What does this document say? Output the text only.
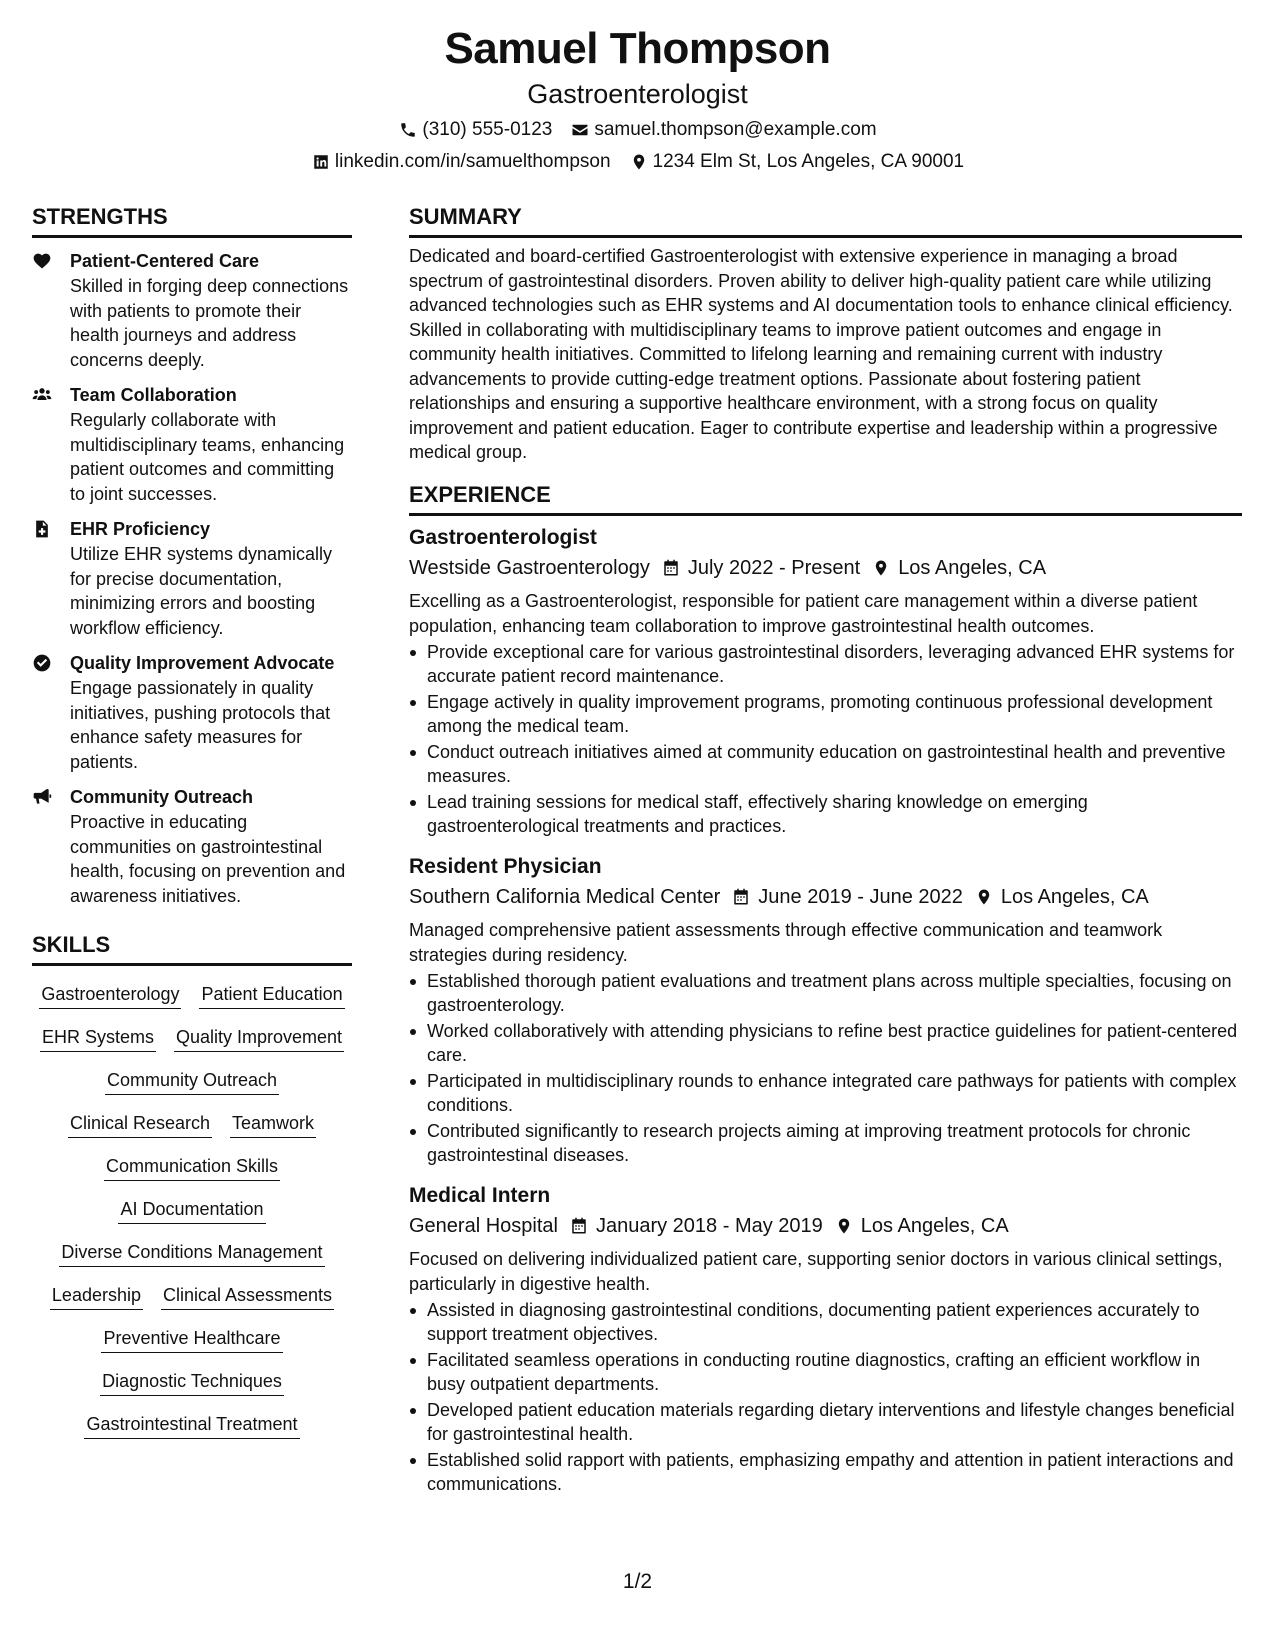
Samuel Thompson
Gastroenterologist
(310) 555-0123 samuel.thompson@example.com
linkedin.com/in/samuelthompson 1234 Elm St, Los Angeles, CA 90001
STRENGTHS
Patient-Centered Care
Skilled in forging deep connections with patients to promote their health journeys and address concerns deeply.
Team Collaboration
Regularly collaborate with multidisciplinary teams, enhancing patient outcomes and committing to joint successes.
EHR Proficiency
Utilize EHR systems dynamically for precise documentation, minimizing errors and boosting workflow efficiency.
Quality Improvement Advocate
Engage passionately in quality initiatives, pushing protocols that enhance safety measures for patients.
Community Outreach
Proactive in educating communities on gastrointestinal health, focusing on prevention and awareness initiatives.
SKILLS
Gastroenterology Patient Education
EHR Systems Quality Improvement
Community Outreach
Clinical Research Teamwork
Communication Skills
AI Documentation
Diverse Conditions Management
Leadership Clinical Assessments
Preventive Healthcare
Diagnostic Techniques
Gastrointestinal Treatment
SUMMARY
Dedicated and board-certified Gastroenterologist with extensive experience in managing a broad spectrum of gastrointestinal disorders. Proven ability to deliver high-quality patient care while utilizing advanced technologies such as EHR systems and AI documentation tools to enhance clinical efficiency. Skilled in collaborating with multidisciplinary teams to improve patient outcomes and engage in community health initiatives. Committed to lifelong learning and remaining current with industry advancements to provide cutting-edge treatment options. Passionate about fostering patient relationships and ensuring a supportive healthcare environment, with a strong focus on quality improvement and patient education. Eager to contribute expertise and leadership within a progressive medical group.
EXPERIENCE
Gastroenterologist
Westside Gastroenterology July 2022 - Present Los Angeles, CA
Excelling as a Gastroenterologist, responsible for patient care management within a diverse patient population, enhancing team collaboration to improve gastrointestinal health outcomes.
Provide exceptional care for various gastrointestinal disorders, leveraging advanced EHR systems for accurate patient record maintenance.
Engage actively in quality improvement programs, promoting continuous professional development among the medical team.
Conduct outreach initiatives aimed at community education on gastrointestinal health and preventive measures.
Lead training sessions for medical staff, effectively sharing knowledge on emerging gastroenterological treatments and practices.
Resident Physician
Southern California Medical Center June 2019 - June 2022 Los Angeles, CA
Managed comprehensive patient assessments through effective communication and teamwork strategies during residency.
Established thorough patient evaluations and treatment plans across multiple specialties, focusing on gastroenterology.
Worked collaboratively with attending physicians to refine best practice guidelines for patient-centered care.
Participated in multidisciplinary rounds to enhance integrated care pathways for patients with complex conditions.
Contributed significantly to research projects aiming at improving treatment protocols for chronic gastrointestinal diseases.
Medical Intern
General Hospital January 2018 - May 2019 Los Angeles, CA
Focused on delivering individualized patient care, supporting senior doctors in various clinical settings, particularly in digestive health.
Assisted in diagnosing gastrointestinal conditions, documenting patient experiences accurately to support treatment objectives.
Facilitated seamless operations in conducting routine diagnostics, crafting an efficient workflow in busy outpatient departments.
Developed patient education materials regarding dietary interventions and lifestyle changes beneficial for gastrointestinal health.
Established solid rapport with patients, emphasizing empathy and attention in patient interactions and communications.
1/2
